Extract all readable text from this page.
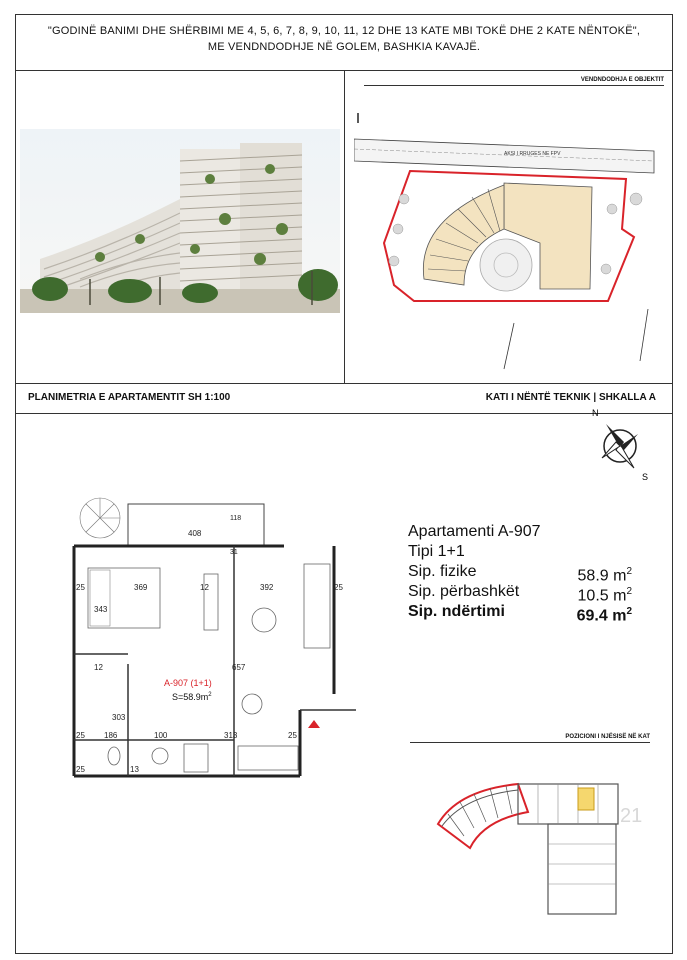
"GODINË BANIMI DHE SHËRBIMI ME 4, 5, 6, 7, 8, 9, 10, 11, 12 DHE 13 KATE MBI TOKË DHE 2 KATE NËNTOKË",
ME VENDNDODHJE NË GOLEM, BASHKIA KAVAJË.
VENDNDODHJA E OBJEKTIT
AKSI I RRUGES NE FPV
PLANIMETRIA E APARTAMENTIT SH 1:100	KATI I NËNTË TEKNIK | SHKALLA A
N
S
Apartamenti A-907
Tipi 1+1
Sip. fizike	58.9 $m^2$
Sip. përbashkët	10.5 $m^2$
Sip. ndërtimi	69.4 $m^2$
A-907 (1+1)
$S=58.9m^2$
408
118
31
369	12	392	25
343
657
12
303
186	100	313	25
25
25
25	13
POZICIONI I NJËSISË NË KAT
21
